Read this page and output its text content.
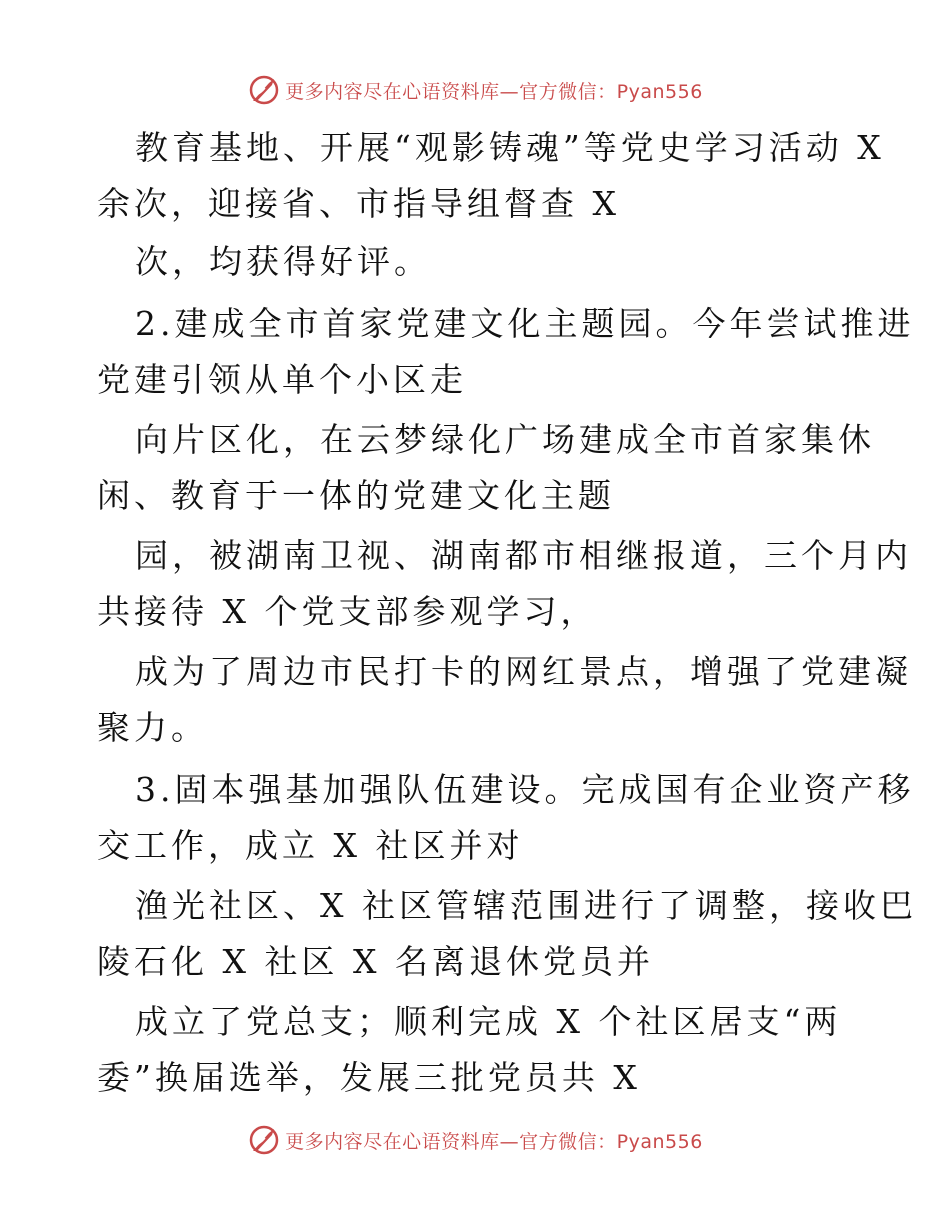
更多内容尽在心语资料库—官方微信：Pyan556
教育基地、开展“观影铸魂”等党史学习活动 X
余次，迎接省、市指导组督查 X
次，均获得好评。
2.建成全市首家党建文化主题园。今年尝试推进
党建引领从单个小区走
向片区化，在云梦绿化广场建成全市首家集休
闲、教育于一体的党建文化主题
园，被湖南卫视、湖南都市相继报道，三个月内
共接待 X 个党支部参观学习，
成为了周边市民打卡的网红景点，增强了党建凝
聚力。
3.固本强基加强队伍建设。完成国有企业资产移
交工作，成立 X 社区并对
渔光社区、X 社区管辖范围进行了调整，接收巴
陵石化 X 社区 X 名离退休党员并
成立了党总支；顺利完成 X 个社区居支“两
委”换届选举，发展三批党员共 X
更多内容尽在心语资料库—官方微信：Pyan556
